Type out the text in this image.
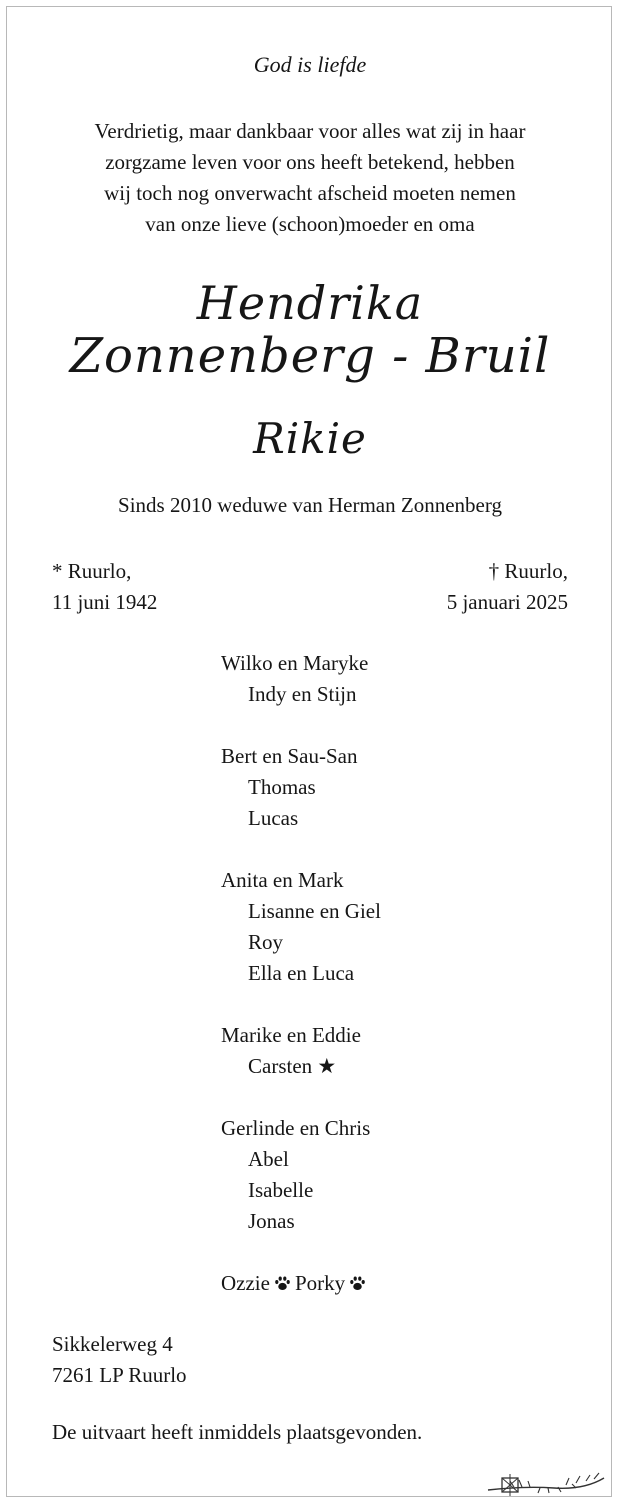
God is liefde
Verdrietig, maar dankbaar voor alles wat zij in haar
zorgzame leven voor ons heeft betekend, hebben
wij toch nog onverwacht afscheid moeten nemen
van onze lieve (schoon)moeder en oma
Hendrika
Zonnenberg - Bruil
Rikie
Sinds 2010 weduwe van Herman Zonnenberg
* Ruurlo,
11 juni 1942
† Ruurlo,
5 januari 2025
Wilko en Maryke
Indy en Stijn
Bert en Sau-San
Thomas
Lucas
Anita en Mark
Lisanne en Giel
Roy
Ella en Luca
Marike en Eddie
Carsten ★
Gerlinde en Chris
Abel
Isabelle
Jonas
Ozzie Porky
Sikkelerweg 4
7261 LP Ruurlo
De uitvaart heeft inmiddels plaatsgevonden.
